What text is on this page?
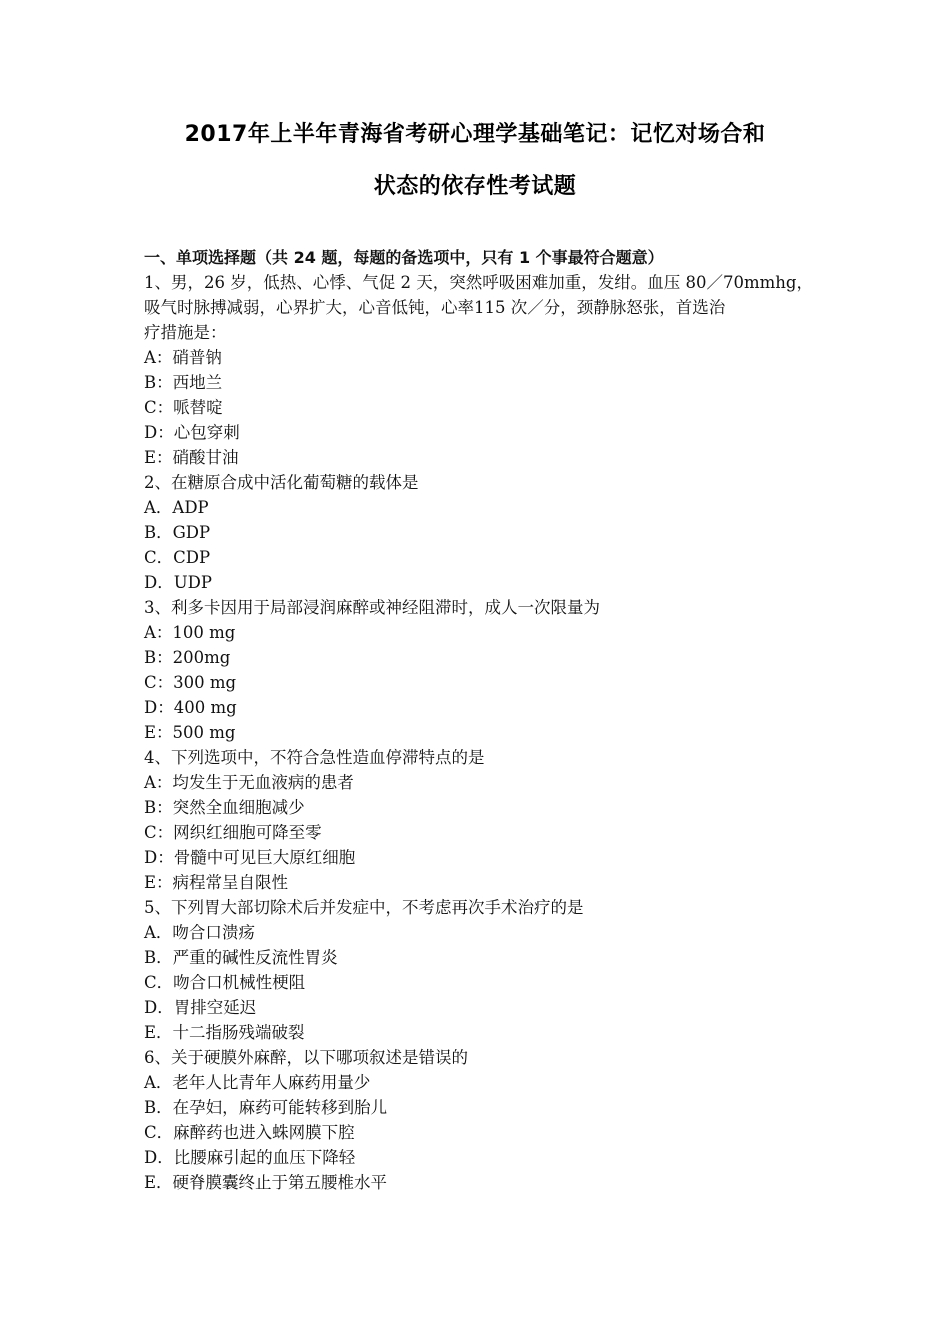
2017年上半年青海省考研心理学基础笔记：记忆对场合和
状态的依存性考试题
一、单项选择题（共 24 题，每题的备选项中，只有 1 个事最符合题意）
1、男，26 岁，低热、心悸、气促 2 天，突然呼吸困难加重，发绀。血压 80／70mmhg，
吸气时脉搏减弱，心界扩大，心音低钝，心率115 次／分，颈静脉怒张，首选治
疗措施是：
A：硝普钠
B：西地兰
C：哌替啶
D：心包穿刺
E：硝酸甘油
2、在糖原合成中活化葡萄糖的载体是
A．ADP
B．GDP
C．CDP
D．UDP
3、利多卡因用于局部浸润麻醉或神经阻滞时，成人一次限量为
A：100 mg
B：200mg
C：300 mg
D：400 mg
E：500 mg
4、下列选项中，不符合急性造血停滞特点的是
A：均发生于无血液病的患者
B：突然全血细胞减少
C：网织红细胞可降至零
D：骨髓中可见巨大原红细胞
E：病程常呈自限性
5、下列胃大部切除术后并发症中，不考虑再次手术治疗的是
A．吻合口溃疡
B．严重的碱性反流性胃炎
C．吻合口机械性梗阻
D．胃排空延迟
E．十二指肠残端破裂
6、关于硬膜外麻醉，以下哪项叙述是错误的
A．老年人比青年人麻药用量少
B．在孕妇，麻药可能转移到胎儿
C．麻醉药也进入蛛网膜下腔
D．比腰麻引起的血压下降轻
E．硬脊膜囊终止于第五腰椎水平
